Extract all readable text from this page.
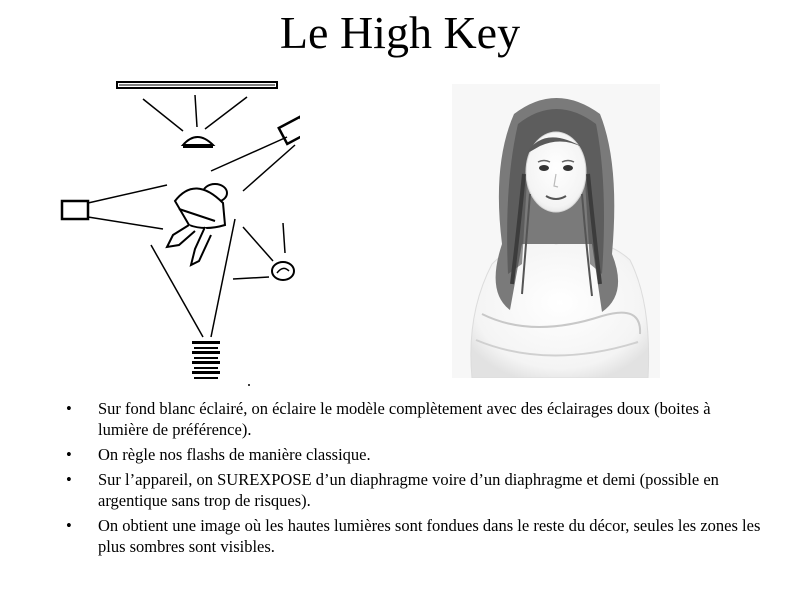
Le High Key
• Sur fond blanc éclairé, on éclaire le modèle complètement avec des éclairages doux (boites à lumière de préférence).
• On règle nos flashs de manière classique.
• Sur l’appareil, on SUREXPOSE d’un diaphragme voire d’un diaphragme et demi (possible en argentique sans trop de risques).
• On obtient une image où les hautes lumières sont fondues dans le reste du décor, seules les zones les plus sombres sont visibles.
